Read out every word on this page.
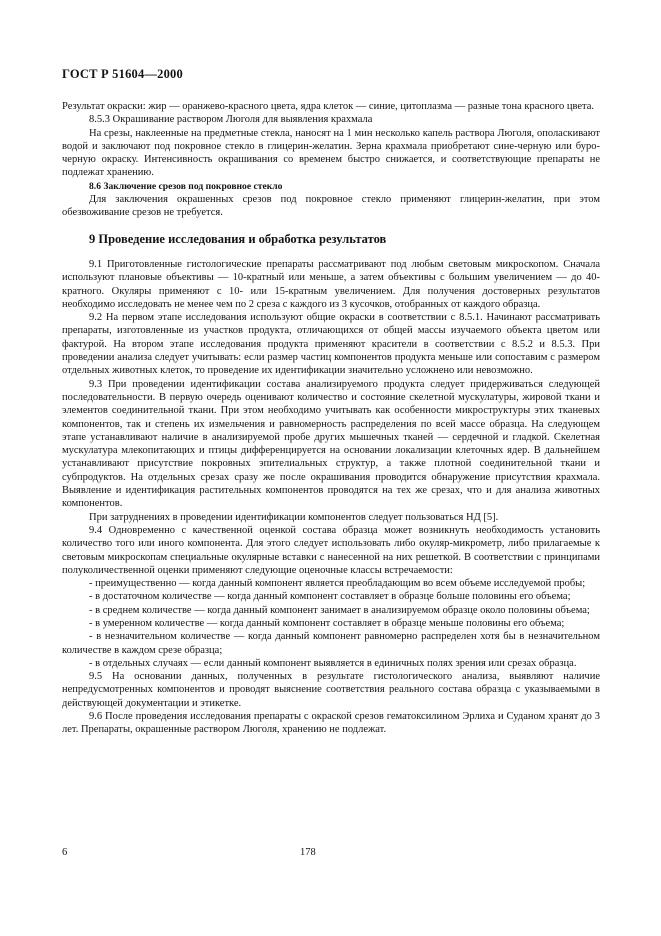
ГОСТ Р 51604—2000

Результат окраски: жир — оранжево-красного цвета, ядра клеток — синие, цитоплазма — разные тона красного цвета.

8.5.3 Окрашивание раствором Люголя для выявления крахмала

На срезы, наклеенные на предметные стекла, наносят на 1 мин несколько капель раствора Люголя, ополаскивают водой и заключают под покровное стекло в глицерин-желатин. Зерна крахмала приобретают сине-черную или буро-черную окраску. Интенсивность окрашивания со временем быстро снижается, и соответствующие препараты не подлежат хранению.

8.6 Заключение срезов под покровное стекло

Для заключения окрашенных срезов под покровное стекло применяют глицерин-желатин, при этом обезвоживание срезов не требуется.

9 Проведение исследования и обработка результатов

9.1 Приготовленные гистологические препараты рассматривают под любым световым микроскопом. Сначала используют плановые объективы — 10-кратный или меньше, а затем объективы с большим увеличением — до 40-кратного. Окуляры применяют с 10- или 15-кратным увеличением. Для получения достоверных результатов необходимо исследовать не менее чем по 2 среза с каждого из 3 кусочков, отобранных от каждого образца.

9.2 На первом этапе исследования используют общие окраски в соответствии с 8.5.1. Начинают рассматривать препараты, изготовленные из участков продукта, отличающихся от общей массы изучаемого объекта цветом или фактурой. На втором этапе исследования продукта применяют красители в соответствии с 8.5.2 и 8.5.3. При проведении анализа следует учитывать: если размер частиц компонентов продукта меньше или сопоставим с размером отдельных животных клеток, то проведение их идентификации значительно усложнено или невозможно.

9.3 При проведении идентификации состава анализируемого продукта следует придерживаться следующей последовательности. В первую очередь оценивают количество и состояние скелетной мускулатуры, жировой ткани и элементов соединительной ткани. При этом необходимо учитывать как особенности микроструктуры этих тканевых компонентов, так и степень их измельчения и равномерность распределения по всей массе образца. На следующем этапе устанавливают наличие в анализируемой пробе других мышечных тканей — сердечной и гладкой. Скелетная мускулатура млекопитающих и птицы дифференцируется на основании локализации клеточных ядер. В дальнейшем устанавливают присутствие покровных эпителиальных структур, а также плотной соединительной ткани и субпродуктов. На отдельных срезах сразу же после окрашивания проводится обнаружение присутствия крахмала. Выявление и идентификация растительных компонентов проводятся на тех же срезах, что и для анализа животных компонентов.

При затруднениях в проведении идентификации компонентов следует пользоваться НД [5].

9.4 Одновременно с качественной оценкой состава образца может возникнуть необходимость установить количество того или иного компонента. Для этого следует использовать либо окуляр-микрометр, либо прилагаемые к световым микроскопам специальные окулярные вставки с нанесенной на них решеткой. В соответствии с принципами полуколичественной оценки применяют следующие оценочные классы встречаемости:

- преимущественно — когда данный компонент является преобладающим во всем объеме исследуемой пробы;

- в достаточном количестве — когда данный компонент составляет в образце больше половины его объема;

- в среднем количестве — когда данный компонент занимает в анализируемом образце около половины объема;

- в умеренном количестве — когда данный компонент составляет в образце меньше половины его объема;

- в незначительном количестве — когда данный компонент равномерно распределен хотя бы в незначительном количестве в каждом срезе образца;

- в отдельных случаях — если данный компонент выявляется в единичных полях зрения или срезах образца.

9.5 На основании данных, полученных в результате гистологического анализа, выявляют наличие непредусмотренных компонентов и проводят выяснение соответствия реального состава образца с указываемыми в действующей документации и этикетке.

9.6 После проведения исследования препараты с окраской срезов гематоксилином Эрлиха и Суданом хранят до 3 лет. Препараты, окрашенные раствором Люголя, хранению не подлежат.

6	178
